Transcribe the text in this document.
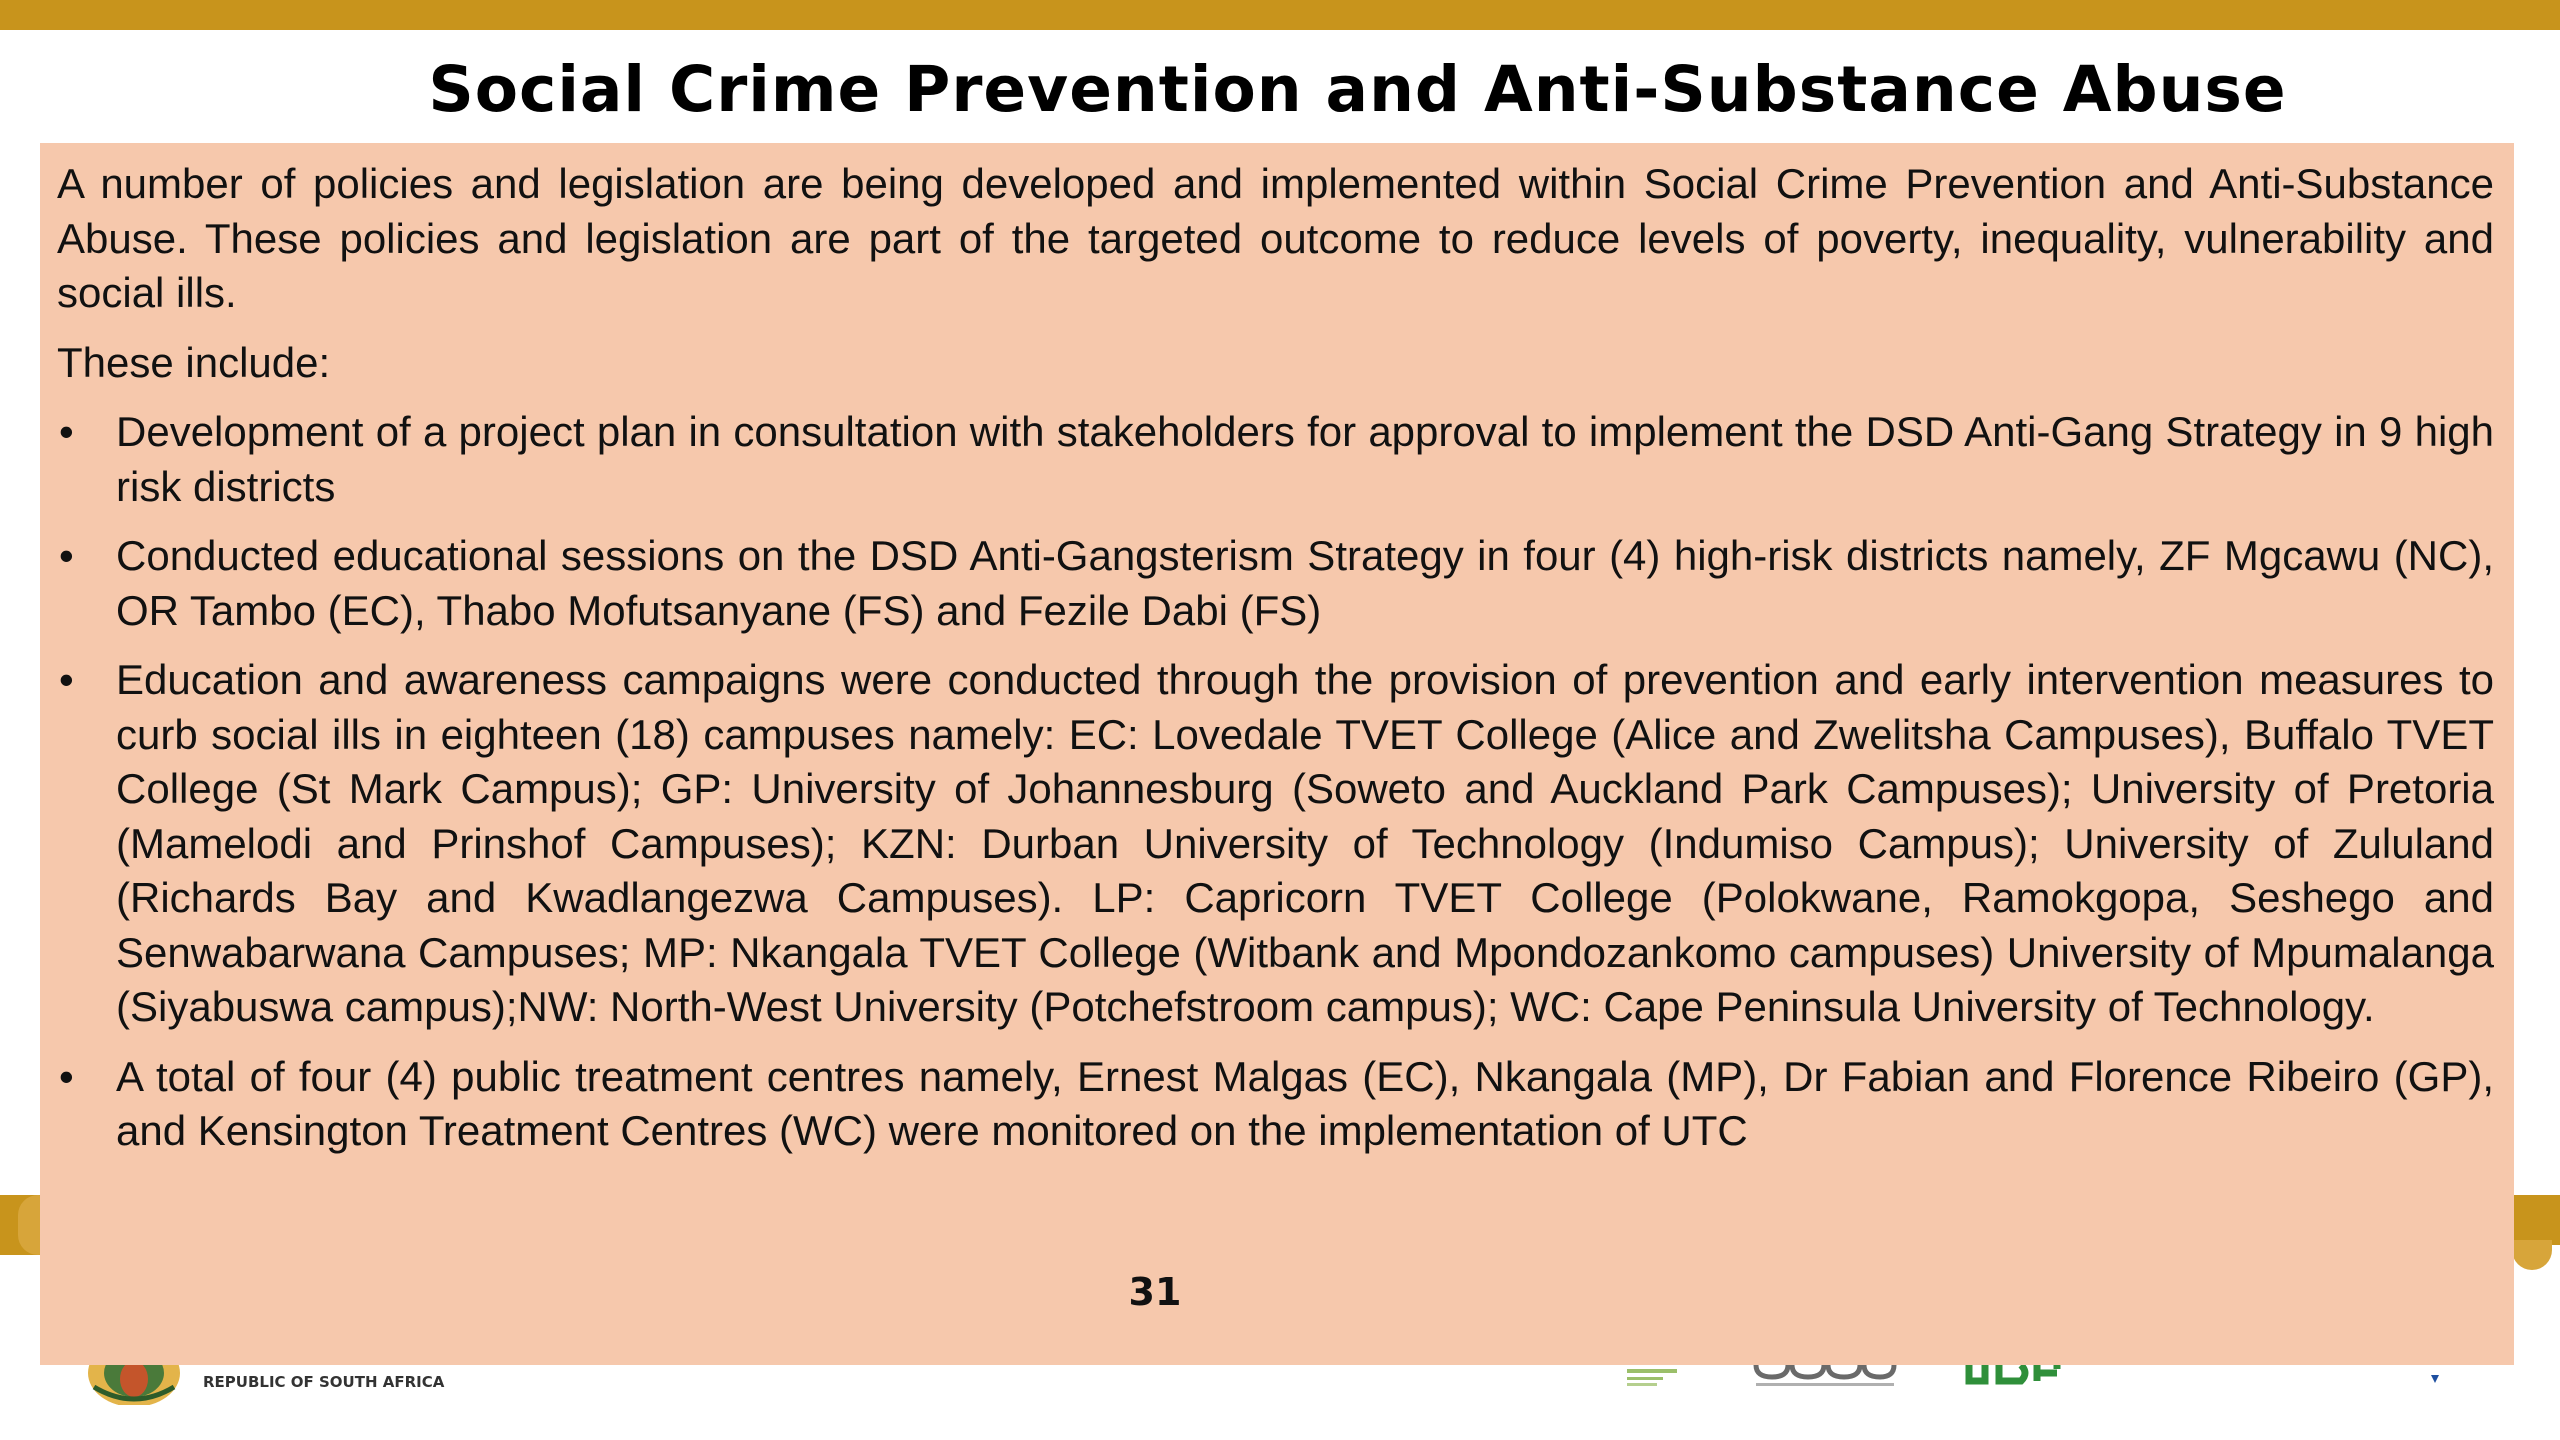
Social Crime Prevention and Anti-Substance Abuse

A number of policies and legislation are being developed and implemented within Social Crime Prevention and Anti-Substance Abuse. These policies and legislation are part of the targeted outcome to reduce levels of poverty, inequality, vulnerability and social ills.

These include:

• Development of a project plan in consultation with stakeholders for approval to implement the DSD Anti-Gang Strategy in 9 high risk districts
• Conducted educational sessions on the DSD Anti-Gangsterism Strategy in four (4) high-risk districts namely, ZF Mgcawu (NC), OR Tambo (EC), Thabo Mofutsanyane (FS) and Fezile Dabi (FS)
• Education and awareness campaigns were conducted through the provision of prevention and early intervention measures to curb social ills in eighteen (18) campuses namely: EC: Lovedale TVET College (Alice and Zwelitsha Campuses), Buffalo TVET College (St Mark Campus); GP: University of Johannesburg (Soweto and Auckland Park Campuses); University of Pretoria (Mamelodi and Prinshof Campuses); KZN: Durban University of Technology (Indumiso Campus); University of Zululand (Richards Bay and Kwadlangezwa Campuses). LP: Capricorn TVET College (Polokwane, Ramokgopa, Seshego and Senwabarwana Campuses; MP: Nkangala TVET College (Witbank and Mpondozankomo campuses) University of Mpumalanga (Siyabuswa campus);NW: North-West University (Potchefstroom campus); WC: Cape Peninsula University of Technology.
• A total of four (4) public treatment centres namely, Ernest Malgas (EC), Nkangala (MP), Dr Fabian and Florence Ribeiro (GP), and Kensington Treatment Centres (WC) were monitored on the implementation of UTC
31
REPUBLIC OF SOUTH AFRICA
